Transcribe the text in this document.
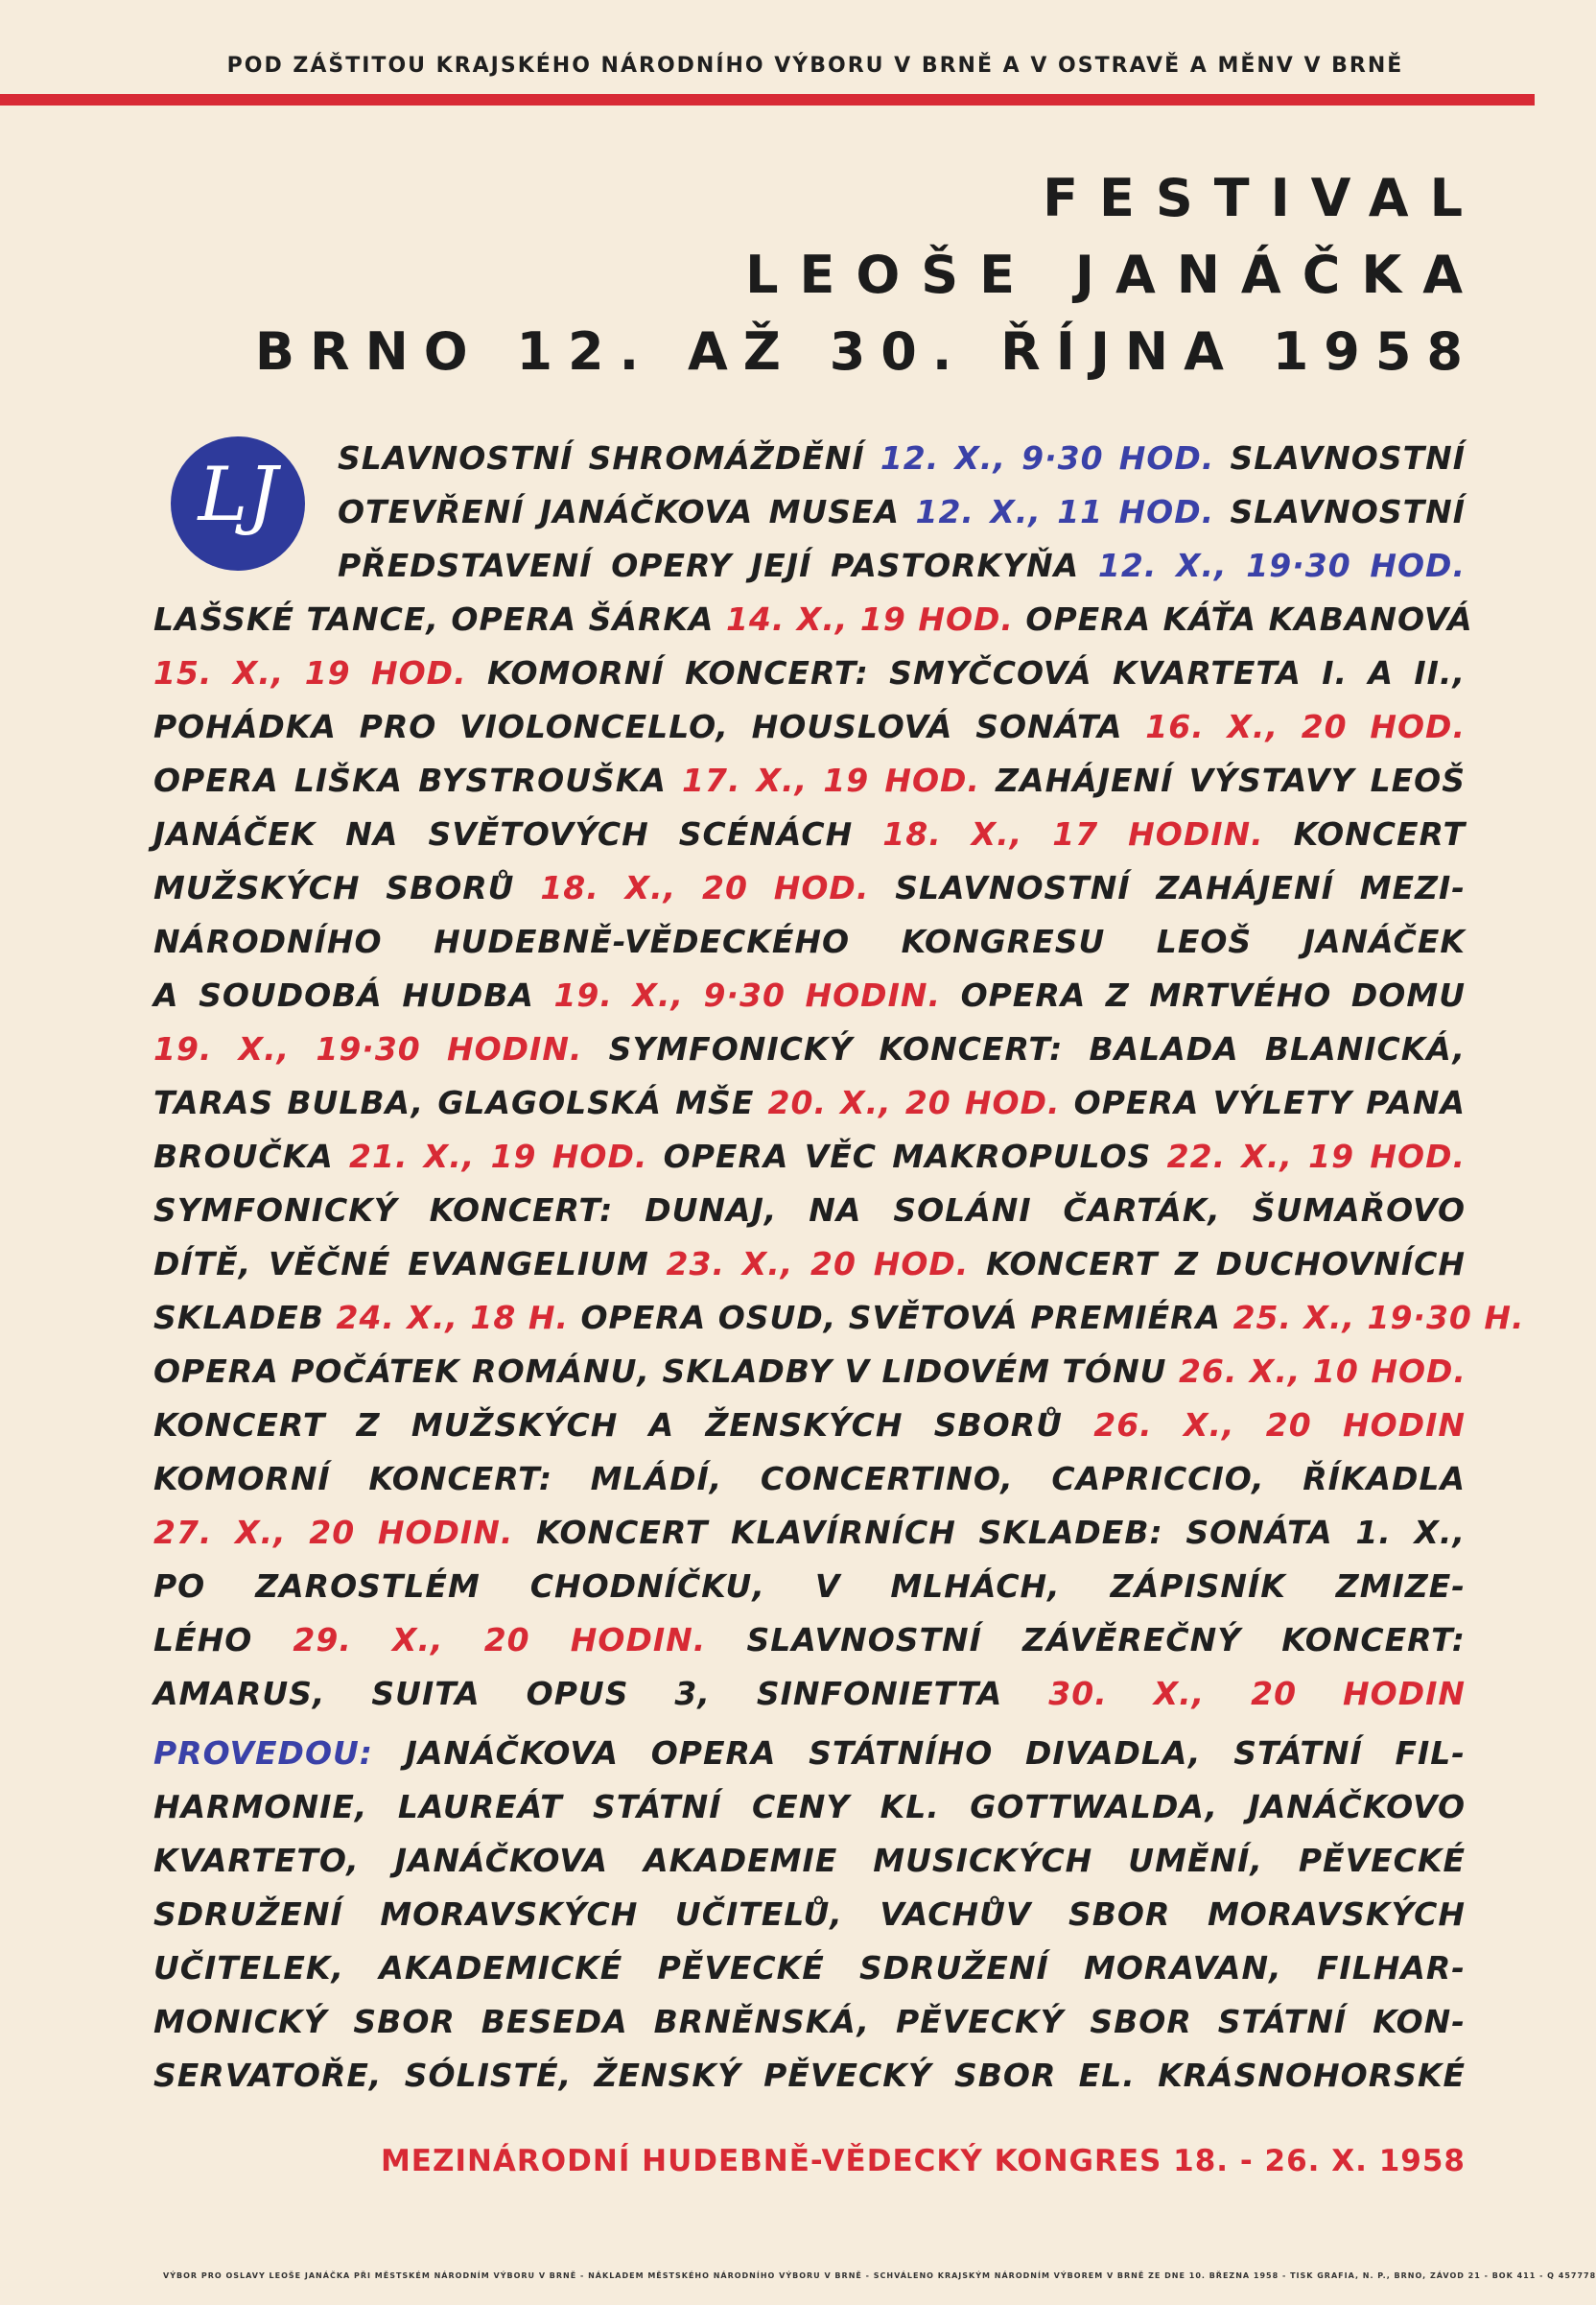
POD ZÁŠTITOU KRAJSKÉHO NÁRODNÍHO VÝBORU V BRNĚ A V OSTRAVĚ A MĚNV V BRNĚ
FESTIVAL
LEOŠE JANÁČKA
BRNO 12. AŽ 30. ŘÍJNA 1958
LJ	SLAVNOSTNÍ SHROMÁŽDĚNÍ 12. X., 9·30 HOD. SLAVNOSTNÍ
OTEVŘENÍ JANÁČKOVA MUSEA 12. X., 11 HOD. SLAVNOSTNÍ
PŘEDSTAVENÍ OPERY JEJÍ PASTORKYŇA 12. X., 19·30 HOD.
LAŠSKÉ TANCE, OPERA ŠÁRKA 14. X., 19 HOD. OPERA KÁŤA KABANOVÁ
15. X., 19 HOD. KOMORNÍ KONCERT: SMYČCOVÁ KVARTETA I. A II.,
POHÁDKA PRO VIOLONCELLO, HOUSLOVÁ SONÁTA 16. X., 20 HOD.
OPERA LIŠKA BYSTROUŠKA 17. X., 19 HOD. ZAHÁJENÍ VÝSTAVY LEOŠ
JANÁČEK NA SVĚTOVÝCH SCÉNÁCH 18. X., 17 HODIN. KONCERT
MUŽSKÝCH SBORŮ 18. X., 20 HOD. SLAVNOSTNÍ ZAHÁJENÍ MEZI-
NÁRODNÍHO HUDEBNĚ-VĚDECKÉHO KONGRESU LEOŠ JANÁČEK
A SOUDOBÁ HUDBA 19. X., 9·30 HODIN. OPERA Z MRTVÉHO DOMU
19. X., 19·30 HODIN. SYMFONICKÝ KONCERT: BALADA BLANICKÁ,
TARAS BULBA, GLAGOLSKÁ MŠE 20. X., 20 HOD. OPERA VÝLETY PANA
BROUČKA 21. X., 19 HOD. OPERA VĚC MAKROPULOS 22. X., 19 HOD.
SYMFONICKÝ KONCERT: DUNAJ, NA SOLÁNI ČARTÁK, ŠUMAŘOVO
DÍTĚ, VĚČNÉ EVANGELIUM 23. X., 20 HOD. KONCERT Z DUCHOVNÍCH
SKLADEB 24. X., 18 H. OPERA OSUD, SVĚTOVÁ PREMIÉRA 25. X., 19·30 H.
OPERA POČÁTEK ROMÁNU, SKLADBY V LIDOVÉM TÓNU 26. X., 10 HOD.
KONCERT Z MUŽSKÝCH A ŽENSKÝCH SBORŮ 26. X., 20 HODIN
KOMORNÍ KONCERT: MLÁDÍ, CONCERTINO, CAPRICCIO, ŘÍKADLA
27. X., 20 HODIN. KONCERT KLAVÍRNÍCH SKLADEB: SONÁTA 1. X.,
PO ZAROSTLÉM CHODNÍČKU, V MLHÁCH, ZÁPISNÍK ZMIZE-
LÉHO 29. X., 20 HODIN. SLAVNOSTNÍ ZÁVĚREČNÝ KONCERT:
AMARUS, SUITA OPUS 3, SINFONIETTA 30. X., 20 HODIN
PROVEDOU: JANÁČKOVA OPERA STÁTNÍHO DIVADLA, STÁTNÍ FIL-
HARMONIE, LAUREÁT STÁTNÍ CENY KL. GOTTWALDA, JANÁČKOVO
KVARTETO, JANÁČKOVA AKADEMIE MUSICKÝCH UMĚNÍ, PĚVECKÉ
SDRUŽENÍ MORAVSKÝCH UČITELŮ, VACHŮV SBOR MORAVSKÝCH
UČITELEK, AKADEMICKÉ PĚVECKÉ SDRUŽENÍ MORAVAN, FILHAR-
MONICKÝ SBOR BESEDA BRNĚNSKÁ, PĚVECKÝ SBOR STÁTNÍ KON-
SERVATOŘE, SÓLISTÉ, ŽENSKÝ PĚVECKÝ SBOR EL. KRÁSNOHORSKÉ
MEZINÁRODNÍ HUDEBNĚ-VĚDECKÝ KONGRES 18. - 26. X. 1958
VÝBOR PRO OSLAVY LEOŠE JANÁČKA PŘI MĚSTSKÉM NÁRODNÍM VÝBORU V BRNĚ - NÁKLADEM MĚSTSKÉHO NÁRODNÍHO VÝBORU V BRNĚ - SCHVÁLENO KRAJSKÝM NÁRODNÍM VÝBOREM V BRNĚ ZE DNE 10. BŘEZNA 1958 - TISK GRAFIA, N. P., BRNO, ZÁVOD 21 - BOK 411 - Q 457778
